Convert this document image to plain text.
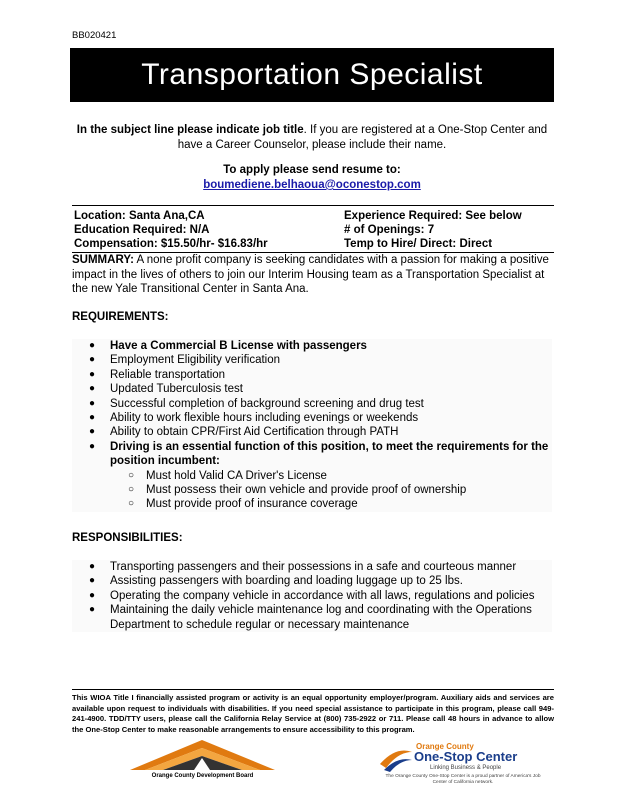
BB020421
Transportation Specialist
In the subject line please indicate job title. If you are registered at a One-Stop Center and have a Career Counselor, please include their name.
To apply please send resume to:
boumediene.belhaoua@oconestop.com
Location: Santa Ana,CA	Experience Required: See below
Education Required: N/A	# of Openings: 7
Compensation: $15.50/hr- $16.83/hr	Temp to Hire/ Direct: Direct
SUMMARY: A none profit company is seeking candidates with a passion for making a positive impact in the lives of others to join our Interim Housing team as a Transportation Specialist at the new Yale Transitional Center in Santa Ana.
REQUIREMENTS:
● Have a Commercial B License with passengers
● Employment Eligibility verification
● Reliable transportation
● Updated Tuberculosis test
● Successful completion of background screening and drug test
● Ability to work flexible hours including evenings or weekends
● Ability to obtain CPR/First Aid Certification through PATH
● Driving is an essential function of this position, to meet the requirements for the position incumbent:
○ Must hold Valid CA Driver's License
○ Must possess their own vehicle and provide proof of ownership
○ Must provide proof of insurance coverage
RESPONSIBILITIES:
● Transporting passengers and their possessions in a safe and courteous manner
● Assisting passengers with boarding and loading luggage up to 25 lbs.
● Operating the company vehicle in accordance with all laws, regulations and policies
● Maintaining the daily vehicle maintenance log and coordinating with the Operations Department to schedule regular or necessary maintenance
This WIOA Title I financially assisted program or activity is an equal opportunity employer/program. Auxiliary aids and services are available upon request to individuals with disabilities. If you need special assistance to participate in this program, please call 949-241-4900. TDD/TTY users, please call the California Relay Service at (800) 735-2922 or 711. Please call 48 hours in advance to allow the One-Stop Center to make reasonable arrangements to ensure accessibility to this program.
Orange County Development Board
Orange County
One-Stop Center
Linking Business & People
The Orange County One-Stop Center is a proud partner of America's Job Center of California network.
